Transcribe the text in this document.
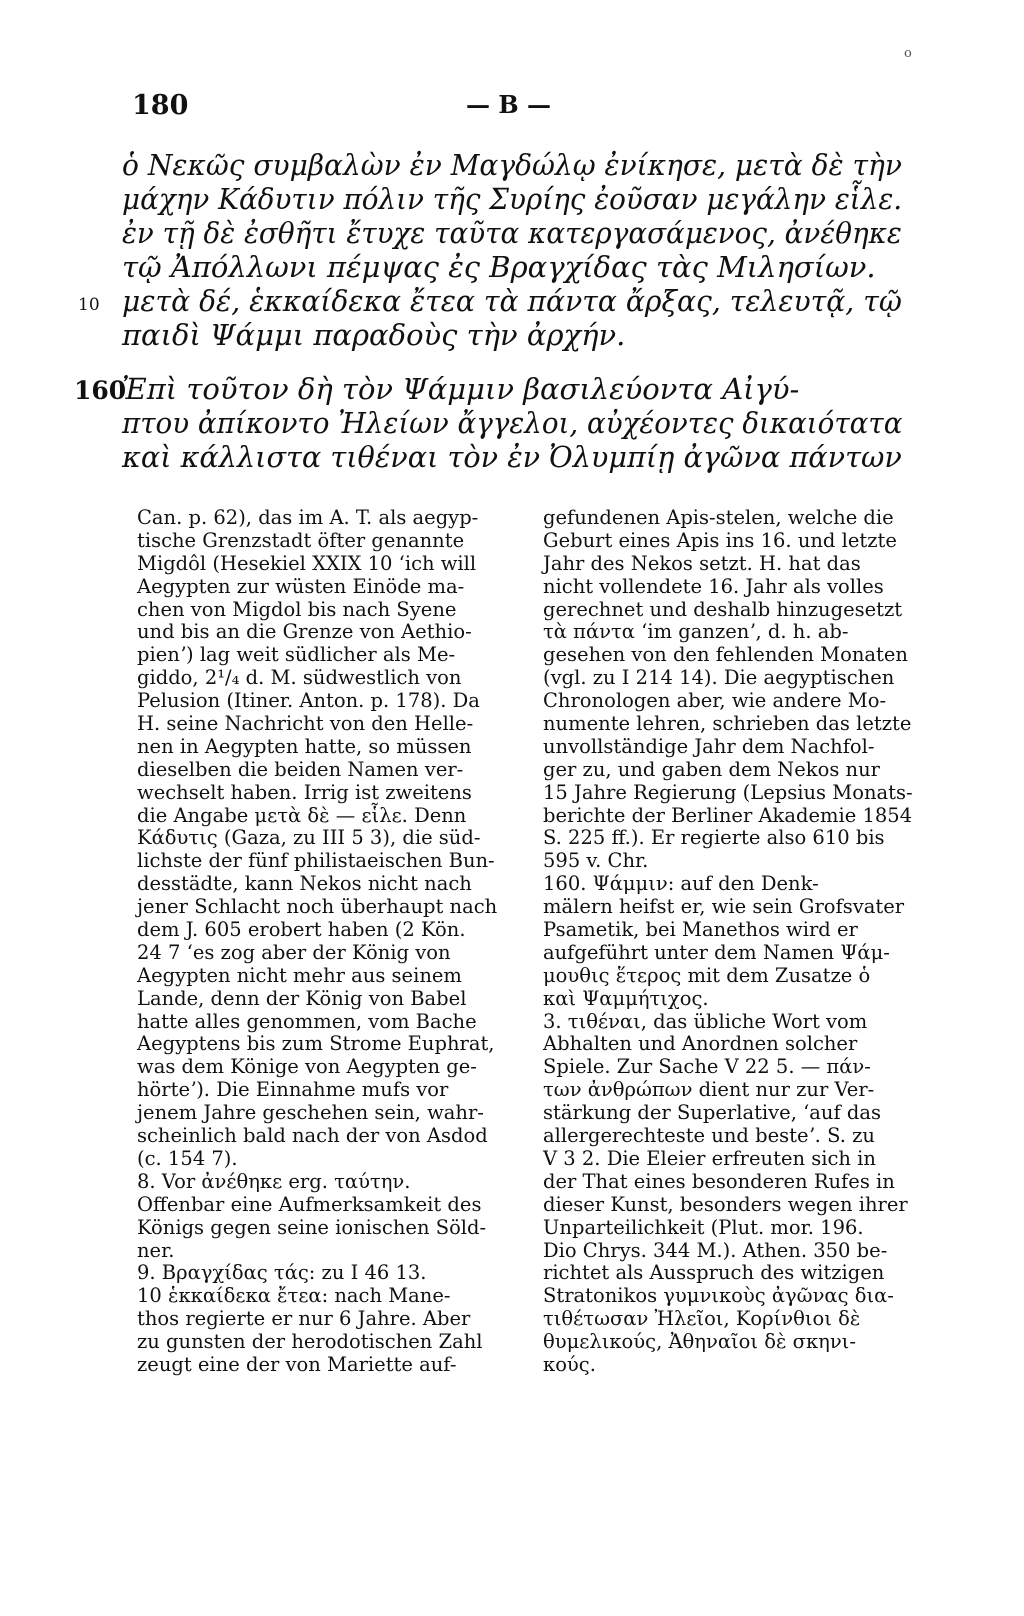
o
180	— B —
ὁ Νεκῶς συμβαλὼν ἐν Μαγδώλῳ ἐνίκησε, μετὰ δὲ τὴν
μάχην Κάδυτιν πόλιν τῆς Συρίης ἐοῦσαν μεγάλην εἷλε.
ἐν τῇ δὲ ἐσθῆτι ἔτυχε ταῦτα κατεργασάμενος, ἀνέθηκε
τῷ Ἀπόλλωνι πέμψας ἐς Βραγχίδας τὰς Μιλησίων.
10 μετὰ δέ, ἑκκαίδεκα ἔτεα τὰ πάντα ἄρξας, τελευτᾷ, τῷ
παιδὶ Ψάμμι παραδοὺς τὴν ἀρχήν.
160
Ἐπὶ τοῦτον δὴ τὸν Ψάμμιν βασιλεύοντα Αἰγύ-
πτου ἀπίκοντο Ἠλείων ἄγγελοι, αὐχέοντες δικαιότατα
καὶ κάλλιστα τιθέναι τὸν ἐν Ὀλυμπίῃ ἀγῶνα πάντων
Can. p. 62), das im A. T. als aegyp-
tische Grenzstadt öfter genannte
Migdôl (Hesekiel XXIX 10 ʻich will
Aegypten zur wüsten Einöde ma-
chen von Migdol bis nach Syene
und bis an die Grenze von Aethio-
pienʼ) lag weit südlicher als Me-
giddo, 2¹/₄ d. M. südwestlich von
Pelusion (Itiner. Anton. p. 178). Da
H. seine Nachricht von den Helle-
nen in Aegypten hatte, so müssen
dieselben die beiden Namen ver-
wechselt haben. Irrig ist zweitens
die Angabe μετὰ δὲ — εἷλε. Denn
Κάδυτις (Gaza, zu III 5 3), die süd-
lichste der fünf philistaeischen Bun-
desstädte, kann Nekos nicht nach
jener Schlacht noch überhaupt nach
dem J. 605 erobert haben (2 Kön.
24 7 ʻes zog aber der König von
Aegypten nicht mehr aus seinem
Lande, denn der König von Babel
hatte alles genommen, vom Bache
Aegyptens bis zum Strome Euphrat,
was dem Könige von Aegypten ge-
hörteʼ). Die Einnahme mufs vor
jenem Jahre geschehen sein, wahr-
scheinlich bald nach der von Asdod
(c. 154 7).
8. Vor ἀνέθηκε erg. ταύτην.
Offenbar eine Aufmerksamkeit des
Königs gegen seine ionischen Söld-
ner.
9. Βραγχίδας τάς: zu I 46 13.
10 ἑκκαίδεκα ἔτεα: nach Mane-
thos regierte er nur 6 Jahre. Aber
zu gunsten der herodotischen Zahl
zeugt eine der von Mariette auf-
gefundenen Apis-stelen, welche die
Geburt eines Apis ins 16. und letzte
Jahr des Nekos setzt. H. hat das
nicht vollendete 16. Jahr als volles
gerechnet und deshalb hinzugesetzt
τὰ πάντα ʻim ganzenʼ, d. h. ab-
gesehen von den fehlenden Monaten
(vgl. zu I 214 14). Die aegyptischen
Chronologen aber, wie andere Mo-
numente lehren, schrieben das letzte
unvollständige Jahr dem Nachfol-
ger zu, und gaben dem Nekos nur
15 Jahre Regierung (Lepsius Monats-
berichte der Berliner Akademie 1854
S. 225 ff.). Er regierte also 610 bis
595 v. Chr.
160. Ψάμμιν: auf den Denk-
mälern heifst er, wie sein Grofsvater
Psametik, bei Manethos wird er
aufgeführt unter dem Namen Ψάμ-
μουθις ἕτερος mit dem Zusatze ὁ
καὶ Ψαμμήτιχος.
3. τιθέναι, das übliche Wort vom
Abhalten und Anordnen solcher
Spiele. Zur Sache V 22 5. — πάν-
των ἀνθρώπων dient nur zur Ver-
stärkung der Superlative, ʻauf das
allergerechteste und besteʼ. S. zu
V 3 2. Die Eleier erfreuten sich in
der That eines besonderen Rufes in
dieser Kunst, besonders wegen ihrer
Unparteilichkeit (Plut. mor. 196.
Dio Chrys. 344 M.). Athen. 350 be-
richtet als Ausspruch des witzigen
Stratonikos γυμνικοὺς ἀγῶνας δια-
τιθέτωσαν Ἠλεῖοι, Κορίνθιοι δὲ
θυμελικούς, Ἀθηναῖοι δὲ σκηνι-
κούς.
